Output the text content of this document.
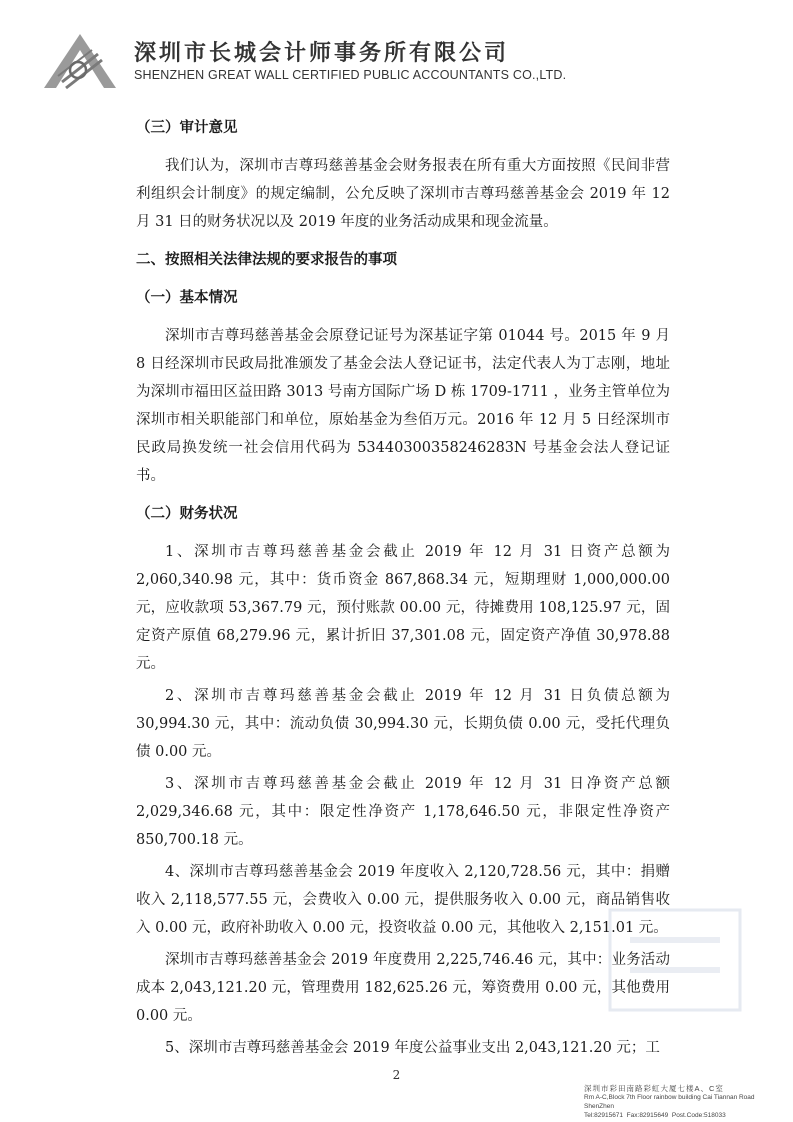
深圳市长城会计师事务所有限公司
SHENZHEN GREAT WALL CERTIFIED PUBLIC ACCOUNTANTS CO.,LTD.

（三）审计意见

我们认为，深圳市吉尊玛慈善基金会财务报表在所有重大方面按照《民间非营利组织会计制度》的规定编制，公允反映了深圳市吉尊玛慈善基金会 2019 年 12 月 31 日的财务状况以及 2019 年度的业务活动成果和现金流量。

二、按照相关法律法规的要求报告的事项

（一）基本情况

深圳市吉尊玛慈善基金会原登记证号为深基证字第 01044 号。2015 年 9 月 8 日经深圳市民政局批准颁发了基金会法人登记证书，法定代表人为丁志刚，地址为深圳市福田区益田路 3013 号南方国际广场 D 栋 1709-1711 ，业务主管单位为深圳市相关职能部门和单位，原始基金为叁佰万元。2016 年 12 月 5 日经深圳市民政局换发统一社会信用代码为 53440300358246283N 号基金会法人登记证书。

（二）财务状况

1、深圳市吉尊玛慈善基金会截止 2019 年 12 月 31 日资产总额为 2,060,340.98 元，其中：货币资金 867,868.34 元，短期理财 1,000,000.00 元，应收款项 53,367.79 元，预付账款 00.00 元，待摊费用 108,125.97 元，固定资产原值 68,279.96 元，累计折旧 37,301.08 元，固定资产净值 30,978.88 元。

2、深圳市吉尊玛慈善基金会截止 2019 年 12 月 31 日负债总额为 30,994.30 元，其中：流动负债 30,994.30 元，长期负债 0.00 元，受托代理负债 0.00 元。

3、深圳市吉尊玛慈善基金会截止 2019 年 12 月 31 日净资产总额 2,029,346.68 元，其中：限定性净资产 1,178,646.50 元，非限定性净资产 850,700.18 元。

4、深圳市吉尊玛慈善基金会 2019 年度收入 2,120,728.56 元，其中：捐赠收入 2,118,577.55 元，会费收入 0.00 元，提供服务收入 0.00 元，商品销售收入 0.00 元，政府补助收入 0.00 元，投资收益 0.00 元，其他收入 2,151.01 元。

深圳市吉尊玛慈善基金会 2019 年度费用 2,225,746.46 元，其中：业务活动成本 2,043,121.20 元，管理费用 182,625.26 元，筹资费用 0.00 元，其他费用 0.00 元。

5、深圳市吉尊玛慈善基金会 2019 年度公益事业支出 2,043,121.20 元；工

2
深圳市彩田南路彩虹大厦七楼A、C室
Rm A-C,Block 7th Floor rainbow building Cai Tiannan Road ShenZhen
Tel:82915671 Fax:82915649 Post.Code:518033
